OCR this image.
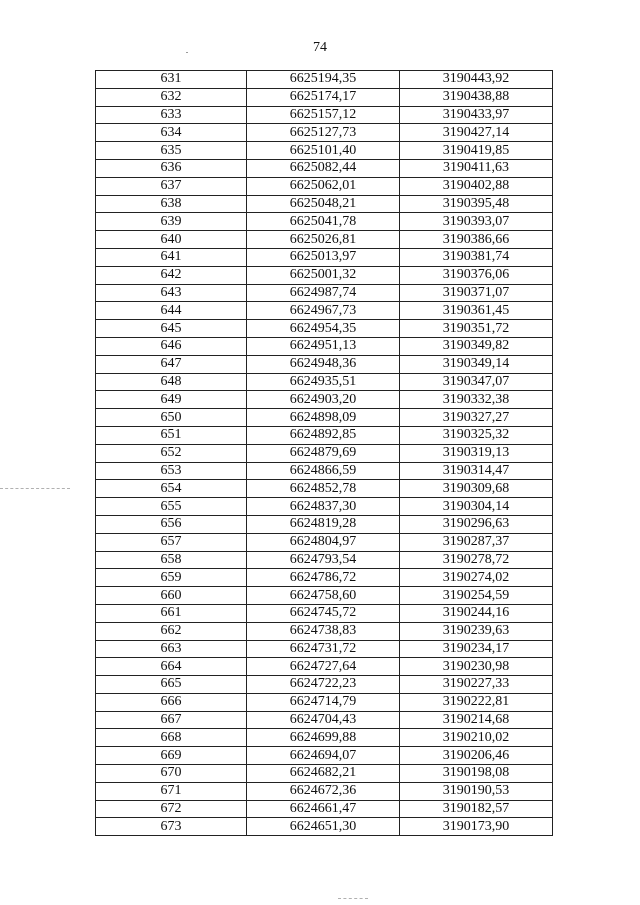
74
631	6625194,35	3190443,92
632	6625174,17	3190438,88
633	6625157,12	3190433,97
634	6625127,73	3190427,14
635	6625101,40	3190419,85
636	6625082,44	3190411,63
637	6625062,01	3190402,88
638	6625048,21	3190395,48
639	6625041,78	3190393,07
640	6625026,81	3190386,66
641	6625013,97	3190381,74
642	6625001,32	3190376,06
643	6624987,74	3190371,07
644	6624967,73	3190361,45
645	6624954,35	3190351,72
646	6624951,13	3190349,82
647	6624948,36	3190349,14
648	6624935,51	3190347,07
649	6624903,20	3190332,38
650	6624898,09	3190327,27
651	6624892,85	3190325,32
652	6624879,69	3190319,13
653	6624866,59	3190314,47
654	6624852,78	3190309,68
655	6624837,30	3190304,14
656	6624819,28	3190296,63
657	6624804,97	3190287,37
658	6624793,54	3190278,72
659	6624786,72	3190274,02
660	6624758,60	3190254,59
661	6624745,72	3190244,16
662	6624738,83	3190239,63
663	6624731,72	3190234,17
664	6624727,64	3190230,98
665	6624722,23	3190227,33
666	6624714,79	3190222,81
667	6624704,43	3190214,68
668	6624699,88	3190210,02
669	6624694,07	3190206,46
670	6624682,21	3190198,08
671	6624672,36	3190190,53
672	6624661,47	3190182,57
673	6624651,30	3190173,90
